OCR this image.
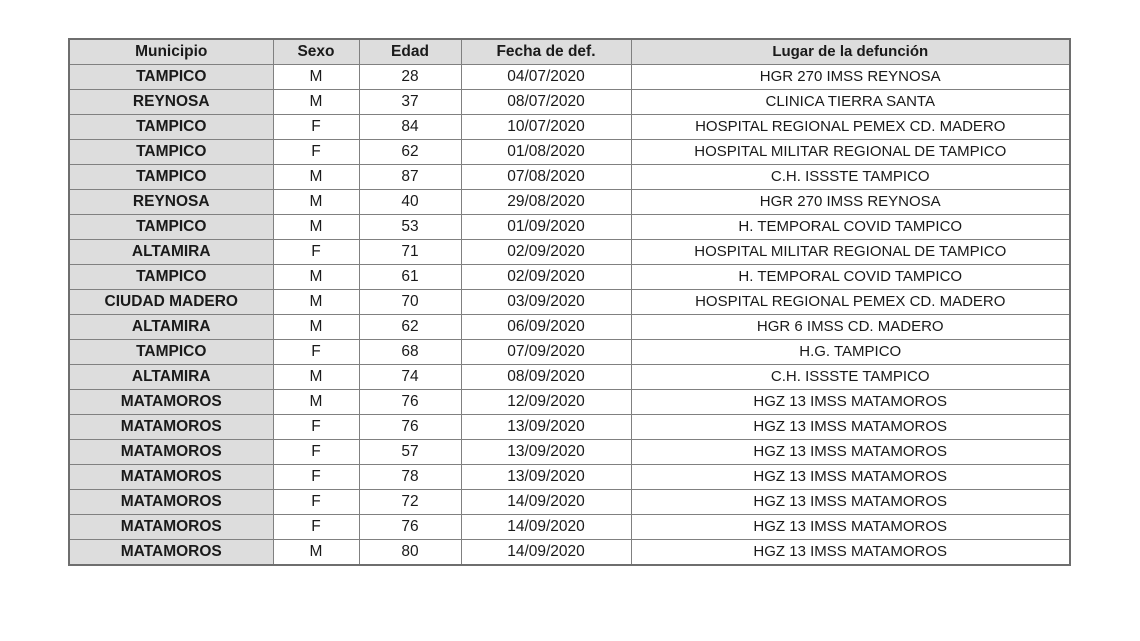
Municipio	Sexo	Edad	Fecha de def.	Lugar de la defunción
TAMPICO	M	28	04/07/2020	HGR 270 IMSS REYNOSA
REYNOSA	M	37	08/07/2020	CLINICA TIERRA SANTA
TAMPICO	F	84	10/07/2020	HOSPITAL REGIONAL PEMEX CD. MADERO
TAMPICO	F	62	01/08/2020	HOSPITAL MILITAR REGIONAL DE TAMPICO
TAMPICO	M	87	07/08/2020	C.H. ISSSTE TAMPICO
REYNOSA	M	40	29/08/2020	HGR 270 IMSS REYNOSA
TAMPICO	M	53	01/09/2020	H. TEMPORAL COVID TAMPICO
ALTAMIRA	F	71	02/09/2020	HOSPITAL MILITAR REGIONAL DE TAMPICO
TAMPICO	M	61	02/09/2020	H. TEMPORAL COVID TAMPICO
CIUDAD MADERO	M	70	03/09/2020	HOSPITAL REGIONAL PEMEX CD. MADERO
ALTAMIRA	M	62	06/09/2020	HGR 6 IMSS CD. MADERO
TAMPICO	F	68	07/09/2020	H.G. TAMPICO
ALTAMIRA	M	74	08/09/2020	C.H. ISSSTE TAMPICO
MATAMOROS	M	76	12/09/2020	HGZ 13 IMSS MATAMOROS
MATAMOROS	F	76	13/09/2020	HGZ 13 IMSS MATAMOROS
MATAMOROS	F	57	13/09/2020	HGZ 13 IMSS MATAMOROS
MATAMOROS	F	78	13/09/2020	HGZ 13 IMSS MATAMOROS
MATAMOROS	F	72	14/09/2020	HGZ 13 IMSS MATAMOROS
MATAMOROS	F	76	14/09/2020	HGZ 13 IMSS MATAMOROS
MATAMOROS	M	80	14/09/2020	HGZ 13 IMSS MATAMOROS
